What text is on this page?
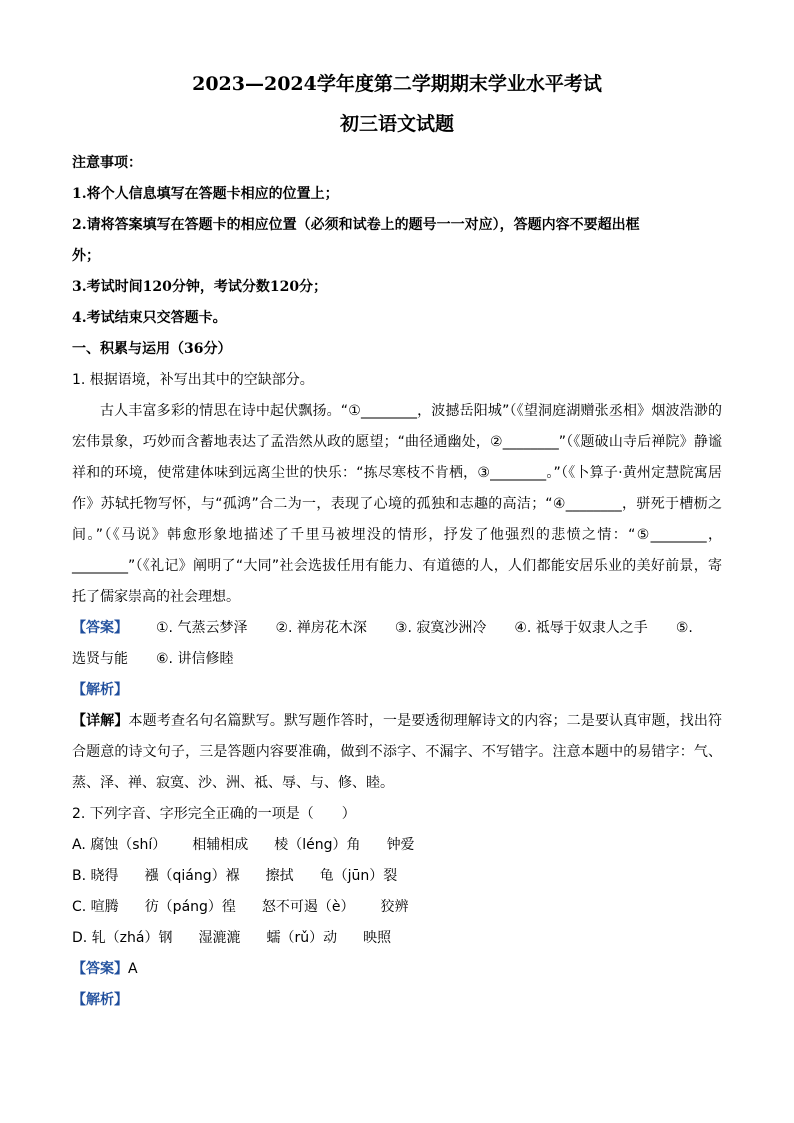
2023—2024学年度第二学期期末学业水平考试

初三语文试题

注意事项：
1.将个人信息填写在答题卡相应的位置上；
2.请将答案填写在答题卡的相应位置（必须和试卷上的题号一一对应），答题内容不要超出框
外；
3.考试时间120分钟，考试分数120分；
4.考试结束只交答题卡。
一、积累与运用（36分）
1. 根据语境，补写出其中的空缺部分。
古人丰富多彩的情思在诗中起伏飘扬。“①________，波撼岳阳城”（《望洞庭湖赠张丞相》烟波浩渺的宏伟景象，巧妙而含蓄地表达了孟浩然从政的愿望；“曲径通幽处，②________”（《题破山寺后禅院》静谧祥和的环境，使常建体味到远离尘世的快乐：“拣尽寒枝不肯栖，③________。”（《卜算子·黄州定慧院寓居作》苏轼托物写怀，与“孤鸿”合二为一，表现了心境的孤独和志趣的高洁；“④________，骈死于槽枥之间。”（《马说》韩愈形象地描述了千里马被埋没的情形，抒发了他强烈的悲愤之情：“⑤________，________”（《礼记》阐明了“大同”社会选拔任用有能力、有道德的人，人们都能安居乐业的美好前景，寄托了儒家崇高的社会理想。
【答案】 ①. 气蒸云梦泽 ②. 禅房花木深 ③. 寂寞沙洲冷 ④. 祗辱于奴隶人之手 ⑤.
选贤与能 ⑥. 讲信修睦
【解析】
【详解】本题考查名句名篇默写。默写题作答时，一是要透彻理解诗文的内容；二是要认真审题，找出符合题意的诗文句子，三是答题内容要准确，做到不添字、不漏字、不写错字。注意本题中的易错字：气、蒸、泽、禅、寂寞、沙、洲、祗、辱、与、修、睦。
2. 下列字音、字形完全正确的一项是（　　）
A. 腐蚀（shí） 相辅相成 棱（léng）角 钟爱
B. 晓得 襁（qiáng）褓 擦拭 龟（jūn）裂
C. 喧腾 彷（páng）徨 怒不可遏（è） 狡辨
D. 轧（zhá）钢 湿漉漉 蠕（rǔ）动 映照
【答案】A
【解析】
